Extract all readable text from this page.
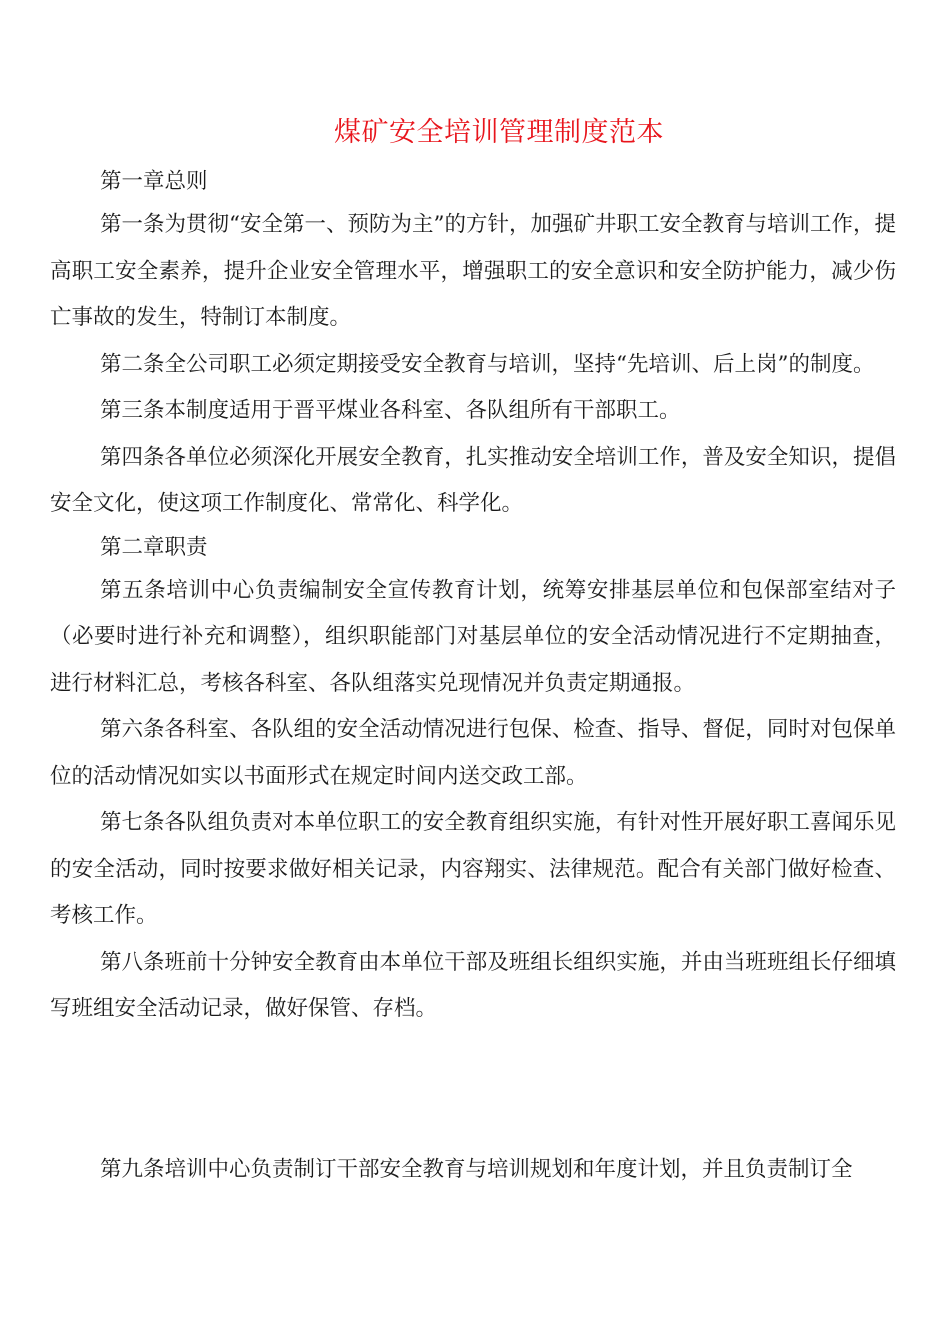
煤矿安全培训管理制度范本

第一章总则

第一条为贯彻“安全第一、预防为主”的方针，加强矿井职工安全教育与培训工作，提高职工安全素养，提升企业安全管理水平，增强职工的安全意识和安全防护能力，减少伤亡事故的发生，特制订本制度。

第二条全公司职工必须定期接受安全教育与培训，坚持“先培训、后上岗”的制度。

第三条本制度适用于晋平煤业各科室、各队组所有干部职工。

第四条各单位必须深化开展安全教育，扎实推动安全培训工作，普及安全知识，提倡安全文化，使这项工作制度化、常常化、科学化。

第二章职责

第五条培训中心负责编制安全宣传教育计划，统筹安排基层单位和包保部室结对子（必要时进行补充和调整），组织职能部门对基层单位的安全活动情况进行不定期抽查，进行材料汇总，考核各科室、各队组落实兑现情况并负责定期通报。

第六条各科室、各队组的安全活动情况进行包保、检查、指导、督促，同时对包保单位的活动情况如实以书面形式在规定时间内送交政工部。

第七条各队组负责对本单位职工的安全教育组织实施，有针对性开展好职工喜闻乐见的安全活动，同时按要求做好相关记录，内容翔实、法律规范。配合有关部门做好检查、考核工作。

第八条班前十分钟安全教育由本单位干部及班组长组织实施，并由当班班组长仔细填写班组安全活动记录，做好保管、存档。

第九条培训中心负责制订干部安全教育与培训规划和年度计划，并且负责制订全
